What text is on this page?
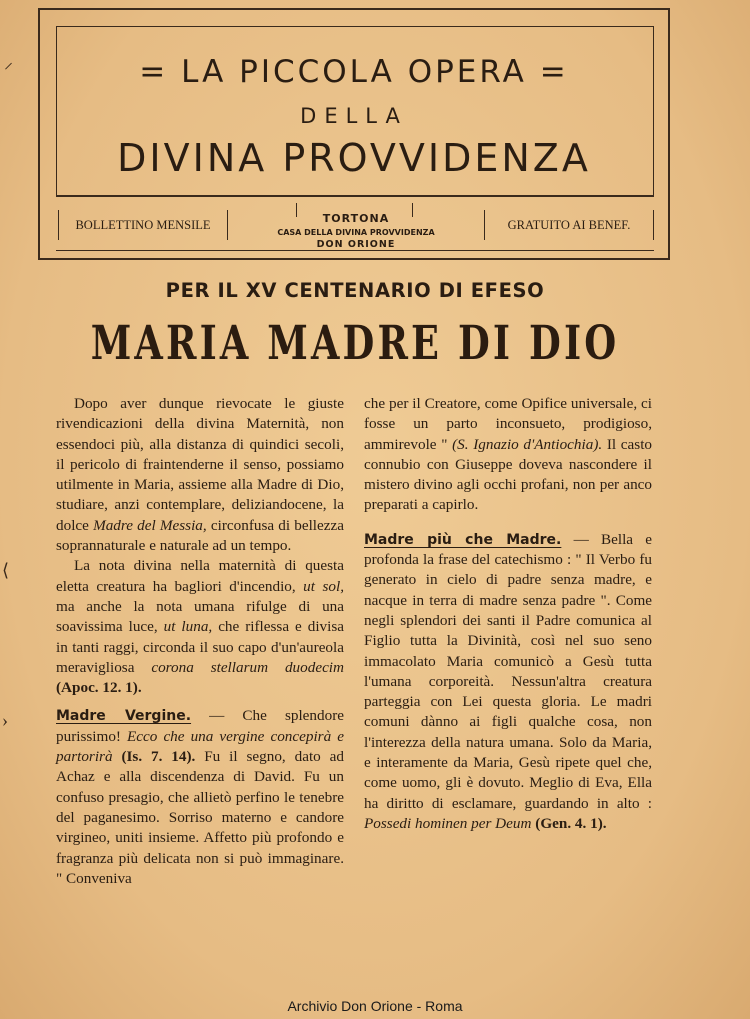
= LA PICCOLA OPERA =
DELLA
DIVINA PROVVIDENZA
BOLLETTINO MENSILE	TORTONA
CASA DELLA DIVINA PROVVIDENZA
DON ORIONE
GRATUITO AI BENEF.
PER IL XV CENTENARIO DI EFESO
MARIA MADRE DI DIO

Dopo aver dunque rievocate le giuste rivendicazioni della divina Maternità, non essendoci più, alla distanza di quindici secoli, il pericolo di fraintenderne il senso, possiamo utilmente in Maria, assieme alla Madre di Dio, studiare, anzi contemplare, deliziandocene, la dolce Madre del Messia, circonfusa di bellezza soprannaturale e naturale ad un tempo.

La nota divina nella maternità di questa eletta creatura ha bagliori d'incendio, ut sol, ma anche la nota umana rifulge di una soavissima luce, ut luna, che riflessa e divisa in tanti raggi, circonda il suo capo d'un'aureola meravigliosa corona stellarum duodecim (Apoc. 12. 1).

Madre Vergine. — Che splendore purissimo! Ecco che una vergine concepirà e partorirà (Is. 7. 14). Fu il segno, dato ad Achaz e alla discendenza di David. Fu un confuso presagio, che allietò perfino le tenebre del paganesimo. Sorriso materno e candore virgineo, uniti insieme. Affetto più profondo e fragranza più delicata non si può immaginare. " Conveniva

che per il Creatore, come Opifice universale, ci fosse un parto inconsueto, prodigioso, ammirevole " (S. Ignazio d'Antiochia). Il casto connubio con Giuseppe doveva nascondere il mistero divino agli occhi profani, non per anco preparati a capirlo.

Madre più che Madre. — Bella e profonda la frase del catechismo : " Il Verbo fu generato in cielo di padre senza madre, e nacque in terra di madre senza padre ". Come negli splendori dei santi il Padre comunica al Figlio tutta la Divinità, così nel suo seno immacolato Maria comunicò a Gesù tutta l'umana corporeità. Nessun'altra creatura parteggia con Lei questa gloria. Le madri comuni dànno ai figli qualche cosa, non l'interezza della natura umana. Solo da Maria, e interamente da Maria, Gesù ripete quel che, come uomo, gli è dovuto. Meglio di Eva, Ella ha diritto di esclamare, guardando in alto : Possedi hominen per Deum (Gen. 4. 1).

⸝
⟨
›
Archivio Don Orione - Roma
